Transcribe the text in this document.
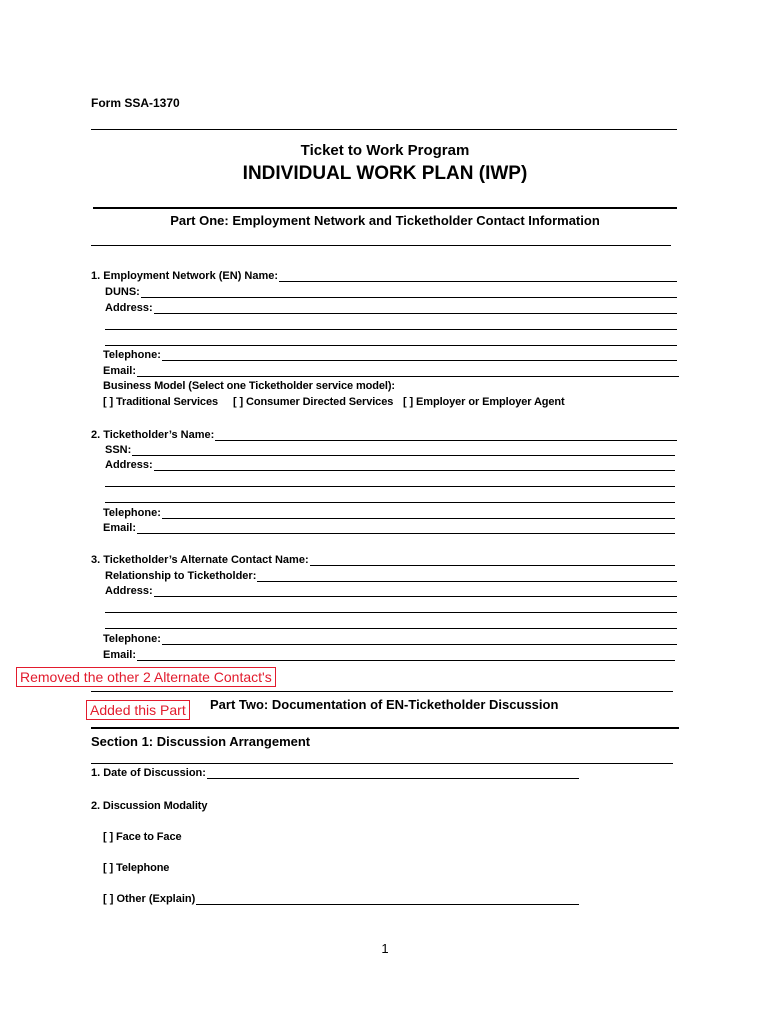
Form SSA-1370
Ticket to Work Program
INDIVIDUAL WORK PLAN (IWP)
Part One: Employment Network and Ticketholder Contact Information
1. Employment Network (EN) Name:
DUNS:
Address:
Telephone:
Email:
Business Model (Select one Ticketholder service model):
[ ] Traditional Services [ ] Consumer Directed Services [ ] Employer or Employer Agent
2. Ticketholder’s Name:
SSN:
Address:
Telephone:
Email:
3. Ticketholder’s Alternate Contact Name:
Relationship to Ticketholder:
Address:
Telephone:
Email:
Part Two: Documentation of EN-Ticketholder Discussion
Section 1: Discussion Arrangement
1. Date of Discussion:
2. Discussion Modality
[ ] Face to Face
[ ] Telephone
[ ] Other (Explain)
Removed the other 2 Alternate Contact's
Added this Part
1
